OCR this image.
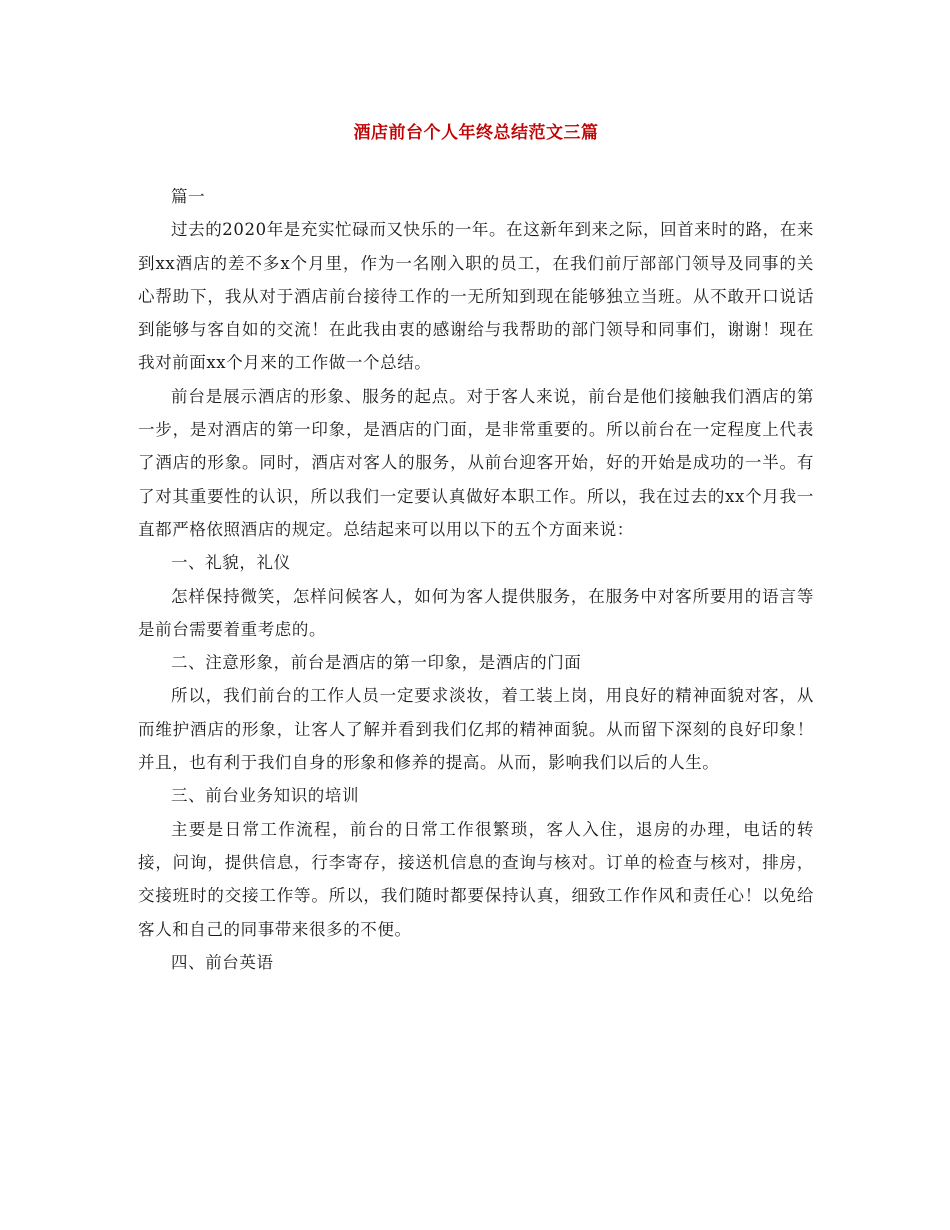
酒店前台个人年终总结范文三篇

篇一

过去的2020年是充实忙碌而又快乐的一年。在这新年到来之际，回首来时的路，在来到xx酒店的差不多x个月里，作为一名刚入职的员工，在我们前厅部部门领导及同事的关心帮助下，我从对于酒店前台接待工作的一无所知到现在能够独立当班。从不敢开口说话到能够与客自如的交流！在此我由衷的感谢给与我帮助的部门领导和同事们，谢谢！现在我对前面xx个月来的工作做一个总结。

前台是展示酒店的形象、服务的起点。对于客人来说，前台是他们接触我们酒店的第一步，是对酒店的第一印象，是酒店的门面，是非常重要的。所以前台在一定程度上代表了酒店的形象。同时，酒店对客人的服务，从前台迎客开始，好的开始是成功的一半。有了对其重要性的认识，所以我们一定要认真做好本职工作。所以，我在过去的xx个月我一直都严格依照酒店的规定。总结起来可以用以下的五个方面来说：

一、礼貌，礼仪

怎样保持微笑，怎样问候客人，如何为客人提供服务，在服务中对客所要用的语言等是前台需要着重考虑的。

二、注意形象，前台是酒店的第一印象，是酒店的门面

所以，我们前台的工作人员一定要求淡妆，着工装上岗，用良好的精神面貌对客，从而维护酒店的形象，让客人了解并看到我们亿邦的精神面貌。从而留下深刻的良好印象！并且，也有利于我们自身的形象和修养的提高。从而，影响我们以后的人生。

三、前台业务知识的培训

主要是日常工作流程，前台的日常工作很繁琐，客人入住，退房的办理，电话的转接，问询，提供信息，行李寄存，接送机信息的查询与核对。订单的检查与核对，排房，交接班时的交接工作等。所以，我们随时都要保持认真，细致工作作风和责任心！以免给客人和自己的同事带来很多的不便。

四、前台英语
